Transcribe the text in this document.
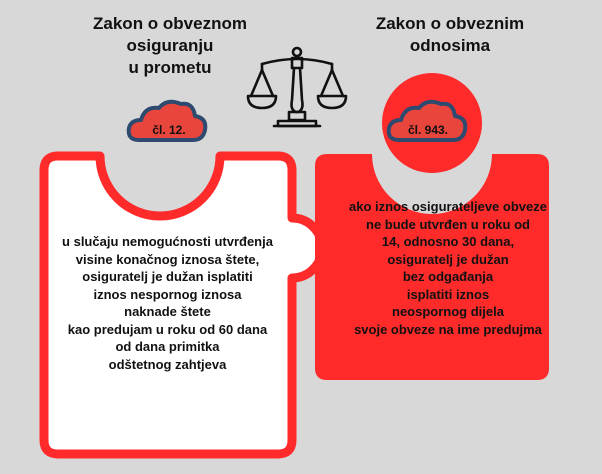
Zakon o obveznom
osiguranju
u prometu
Zakon o obveznim
odnosima
čl. 12.	čl. 943.

u slučaju nemogućnosti utvrđenja
visine konačnog iznosa štete,
osiguratelj je dužan isplatiti
iznos nespornog iznosa
naknade štete
kao predujam u roku od 60 dana
od dana primitka
odštetnog zahtjeva

ako iznos osigurateljeve obveze
ne bude utvrđen u roku od
14, odnosno 30 dana,
osiguratelj je dužan
bez odgađanja
isplatiti iznos
neospornog dijela
svoje obveze na ime predujma
